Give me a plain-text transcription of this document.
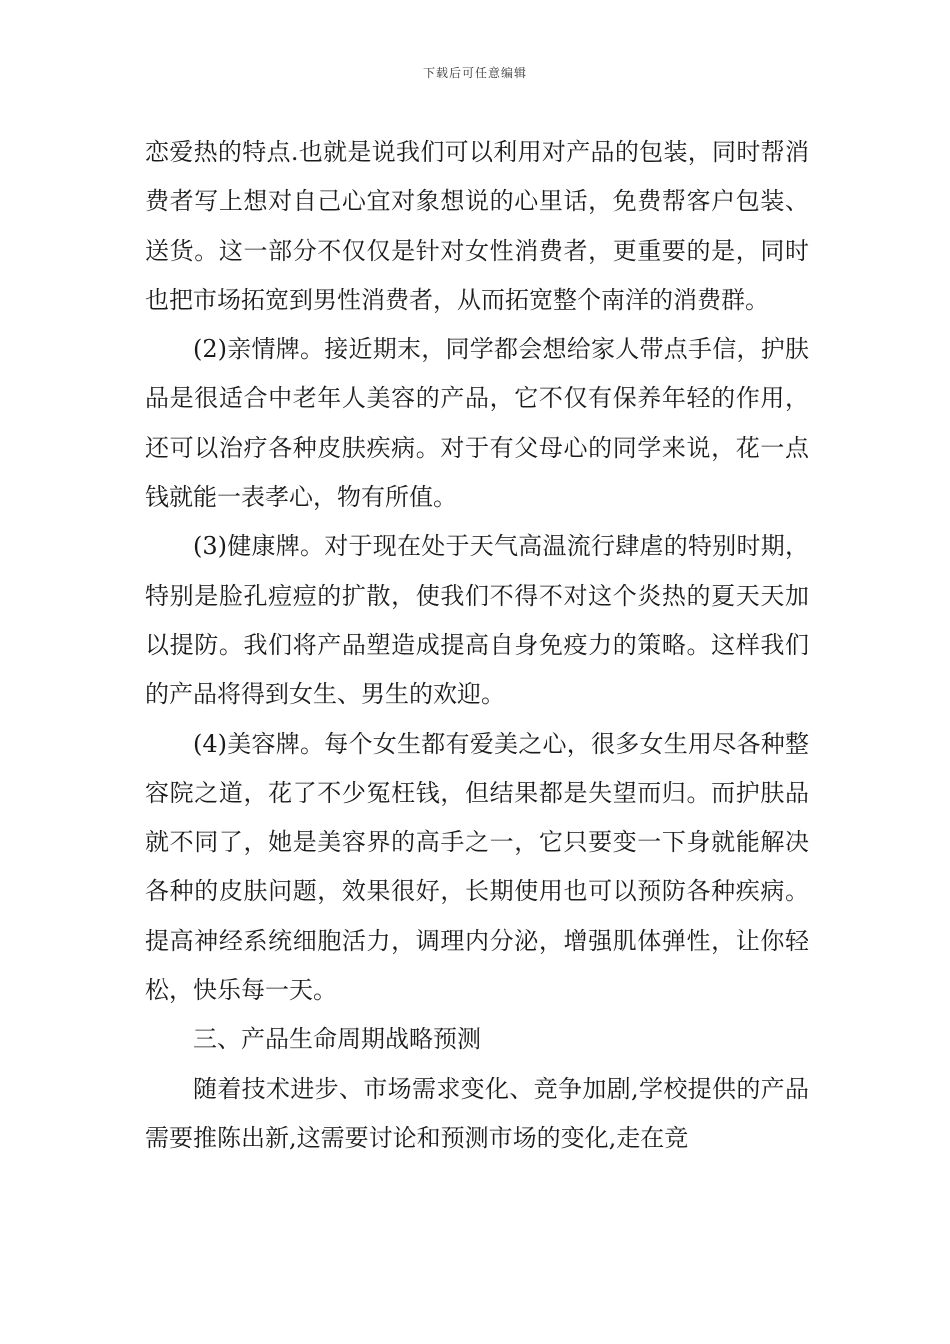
下载后可任意编辑

恋爱热的特点.也就是说我们可以利用对产品的包装，同时帮消费者写上想对自己心宜对象想说的心里话，免费帮客户包装、送货。这一部分不仅仅是针对女性消费者，更重要的是，同时也把市场拓宽到男性消费者，从而拓宽整个南洋的消费群。

(2)亲情牌。接近期末，同学都会想给家人带点手信，护肤品是很适合中老年人美容的产品，它不仅有保养年轻的作用，还可以治疗各种皮肤疾病。对于有父母心的同学来说，花一点钱就能一表孝心，物有所值。

(3)健康牌。对于现在处于天气高温流行肆虐的特别时期，特别是脸孔痘痘的扩散，使我们不得不对这个炎热的夏天天加以提防。我们将产品塑造成提高自身免疫力的策略。这样我们的产品将得到女生、男生的欢迎。

(4)美容牌。每个女生都有爱美之心，很多女生用尽各种整容院之道，花了不少冤枉钱，但结果都是失望而归。而护肤品就不同了，她是美容界的高手之一，它只要变一下身就能解决各种的皮肤问题，效果很好，长期使用也可以预防各种疾病。提高神经系统细胞活力，调理内分泌，增强肌体弹性，让你轻松，快乐每一天。

三、产品生命周期战略预测

随着技术进步、市场需求变化、竞争加剧,学校提供的产品需要推陈出新,这需要讨论和预测市场的变化,走在竞
